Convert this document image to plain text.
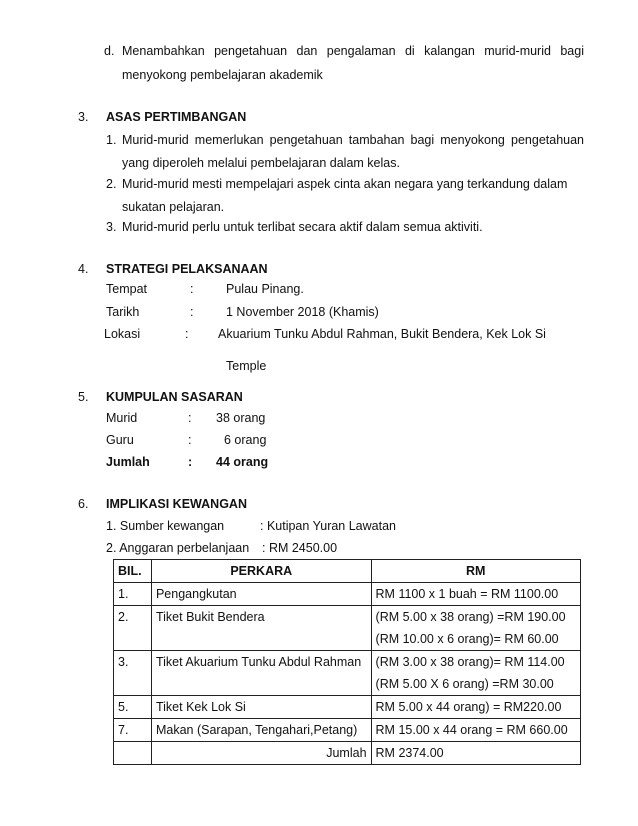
d. Menambahkan pengetahuan dan pengalaman di kalangan murid-murid bagi
menyokong pembelajaran akademik
3. ASAS PERTIMBANGAN
1. Murid-murid memerlukan pengetahuan tambahan bagi menyokong pengetahuan
yang diperoleh melalui pembelajaran dalam kelas.
2. Murid-murid mesti mempelajari aspek cinta akan negara yang terkandung dalam
sukatan pelajaran.
3. Murid-murid perlu untuk terlibat secara aktif dalam semua aktiviti.
4. STRATEGI PELAKSANAAN
Tempat	:	Pulau Pinang.
Tarikh	:	1 November 2018 (Khamis)
Lokasi	: Akuarium Tunku Abdul Rahman, Bukit Bendera, Kek Lok Si
Temple
5. KUMPULAN SASARAN
Murid	: 38 orang
Guru	:	6 orang
Jumlah	: 44 orang
6. IMPLIKASI KEWANGAN
1. Sumber kewangan	: Kutipan Yuran Lawatan
2. Anggaran perbelanjaan : RM 2450.00
BIL.	PERKARA	RM
1.	Pengangkutan	RM 1100 x 1 buah = RM 1100.00
2.	Tiket Bukit Bendera	(RM 5.00 x 38 orang) =RM 190.00
(RM 10.00 x 6 orang)= RM 60.00

3.	Tiket Akuarium Tunku Abdul Rahman	(RM 3.00 x 38 orang)= RM 114.00
(RM 5.00 X 6 orang) =RM 30.00

5.	Tiket Kek Lok Si	RM 5.00 x 44 orang) = RM220.00
7.	Makan (Sarapan, Tengahari,Petang)	RM 15.00 x 44 orang = RM 660.00
	Jumlah	RM 2374.00
